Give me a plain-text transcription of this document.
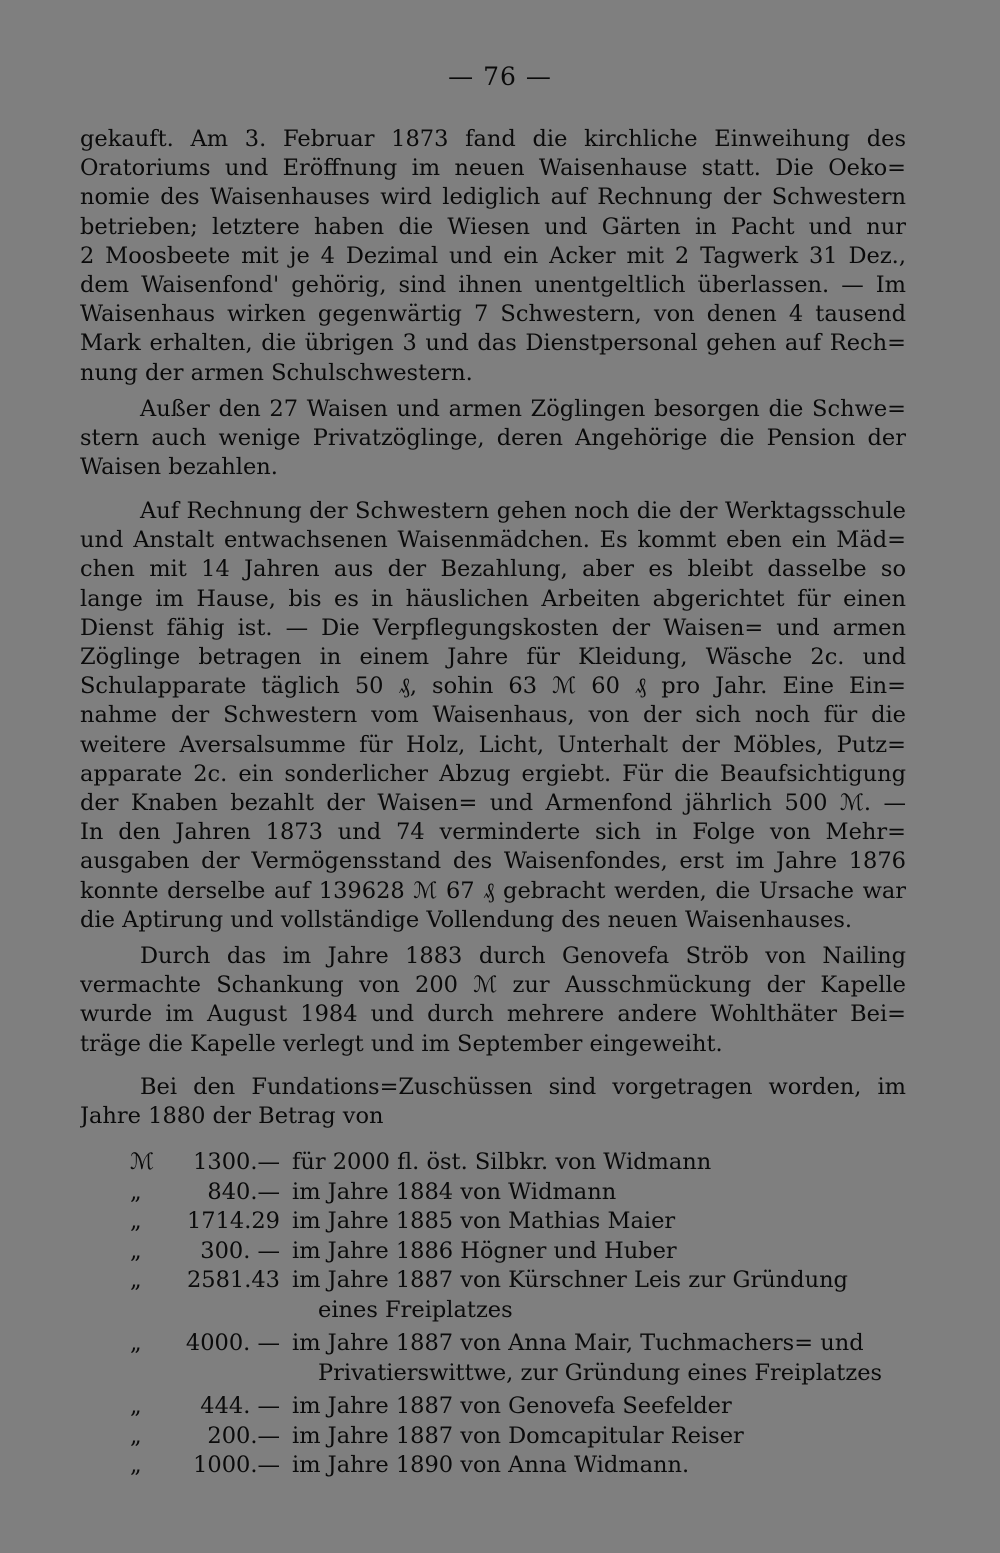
— 76 —
gekauft. Am 3. Februar 1873 fand die kirchliche Einweihung des
Oratoriums und Eröffnung im neuen Waisenhause statt. Die Oeko=
nomie des Waisenhauses wird lediglich auf Rechnung der Schwestern
betrieben; letztere haben die Wiesen und Gärten in Pacht und nur
2 Moosbeete mit je 4 Dezimal und ein Acker mit 2 Tagwerk 31 Dez.,
dem Waisenfond' gehörig, sind ihnen unentgeltlich überlassen. — Im
Waisenhaus wirken gegenwärtig 7 Schwestern, von denen 4 tausend
Mark erhalten, die übrigen 3 und das Dienstpersonal gehen auf Rech=
nung der armen Schulschwestern.
Außer den 27 Waisen und armen Zöglingen besorgen die Schwe=
stern auch wenige Privatzöglinge, deren Angehörige die Pension der
Waisen bezahlen.
Auf Rechnung der Schwestern gehen noch die der Werktagsschule
und Anstalt entwachsenen Waisenmädchen. Es kommt eben ein Mäd=
chen mit 14 Jahren aus der Bezahlung, aber es bleibt dasselbe so
lange im Hause, bis es in häuslichen Arbeiten abgerichtet für einen
Dienst fähig ist. — Die Verpflegungskosten der Waisen= und armen
Zöglinge betragen in einem Jahre für Kleidung, Wäsche 2c. und
Schulapparate täglich 50 ₰, sohin 63 ℳ 60 ₰ pro Jahr. Eine Ein=
nahme der Schwestern vom Waisenhaus, von der sich noch für die
weitere Aversalsumme für Holz, Licht, Unterhalt der Möbles, Putz=
apparate 2c. ein sonderlicher Abzug ergiebt. Für die Beaufsichtigung
der Knaben bezahlt der Waisen= und Armenfond jährlich 500 ℳ. —
In den Jahren 1873 und 74 verminderte sich in Folge von Mehr=
ausgaben der Vermögensstand des Waisenfondes, erst im Jahre 1876
konnte derselbe auf 139628 ℳ 67 ₰ gebracht werden, die Ursache war
die Aptirung und vollständige Vollendung des neuen Waisenhauses.
Durch das im Jahre 1883 durch Genovefa Ströb von Nailing
vermachte Schankung von 200 ℳ zur Ausschmückung der Kapelle
wurde im August 1984 und durch mehrere andere Wohlthäter Bei=
träge die Kapelle verlegt und im September eingeweiht.
Bei den Fundations=Zuschüssen sind vorgetragen worden, im
Jahre 1880 der Betrag von
ℳ	1300.— für 2000 fl. öst. Silbkr. von Widmann
„	840.— im Jahre 1884 von Widmann
„	1714.29 im Jahre 1885 von Mathias Maier
„	300. — im Jahre 1886 Högner und Huber
„	2581.43 im Jahre 1887 von Kürschner Leis zur Gründung
eines Freiplatzes
„	4000. — im Jahre 1887 von Anna Mair, Tuchmachers= und
Privatierswittwe, zur Gründung eines Freiplatzes
„	444. — im Jahre 1887 von Genovefa Seefelder
„	200.— im Jahre 1887 von Domcapitular Reiser
„	1000.— im Jahre 1890 von Anna Widmann.
